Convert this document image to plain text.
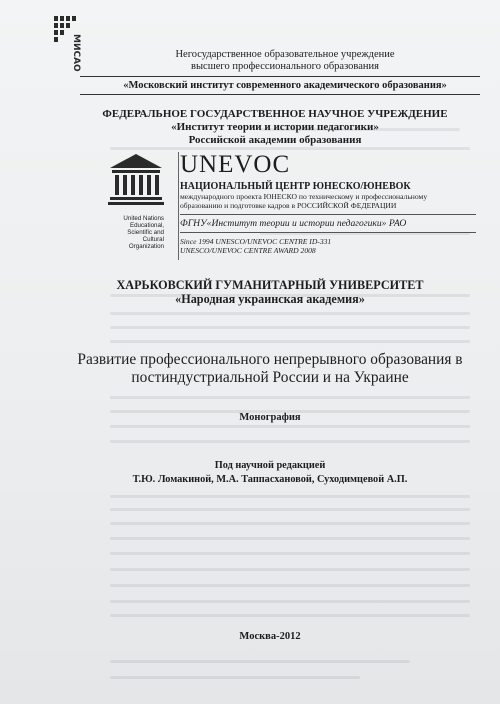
МИСАО	Негосударственное образовательное учреждение
высшего профессионального образования
«Московский институт современного академического образования»
ФЕДЕРАЛЬНОЕ ГОСУДАРСТВЕННОЕ НАУЧНОЕ УЧРЕЖДЕНИЕ
«Институт теории и истории педагогики»
Российской академии образования
United Nations
Educational, Scientific and
Cultural Organization
UNEVOC
НАЦИОНАЛЬНЫЙ ЦЕНТР ЮНЕСКО/ЮНЕВОК
международного проекта ЮНЕСКО по техническому и профессиональному
образованию и подготовке кадров в РОССИЙСКОЙ ФЕДЕРАЦИИ
ФГНУ«Институт теории и истории педагогики» РАО
Since 1994 UNESCO/UNEVOC CENTRE ID-331
UNESCO/UNEVOC CENTRE AWARD 2008
ХАРЬКОВСКИЙ ГУМАНИТАРНЫЙ УНИВЕРСИТЕТ
«Народная украинская академия»
Развитие профессионального непрерывного образования в
постиндустриальной России и на Украине
Монография
Под научной редакцией
Т.Ю. Ломакиной, М.А. Таппасхановой, Суходимцевой А.П.
Москва-2012
